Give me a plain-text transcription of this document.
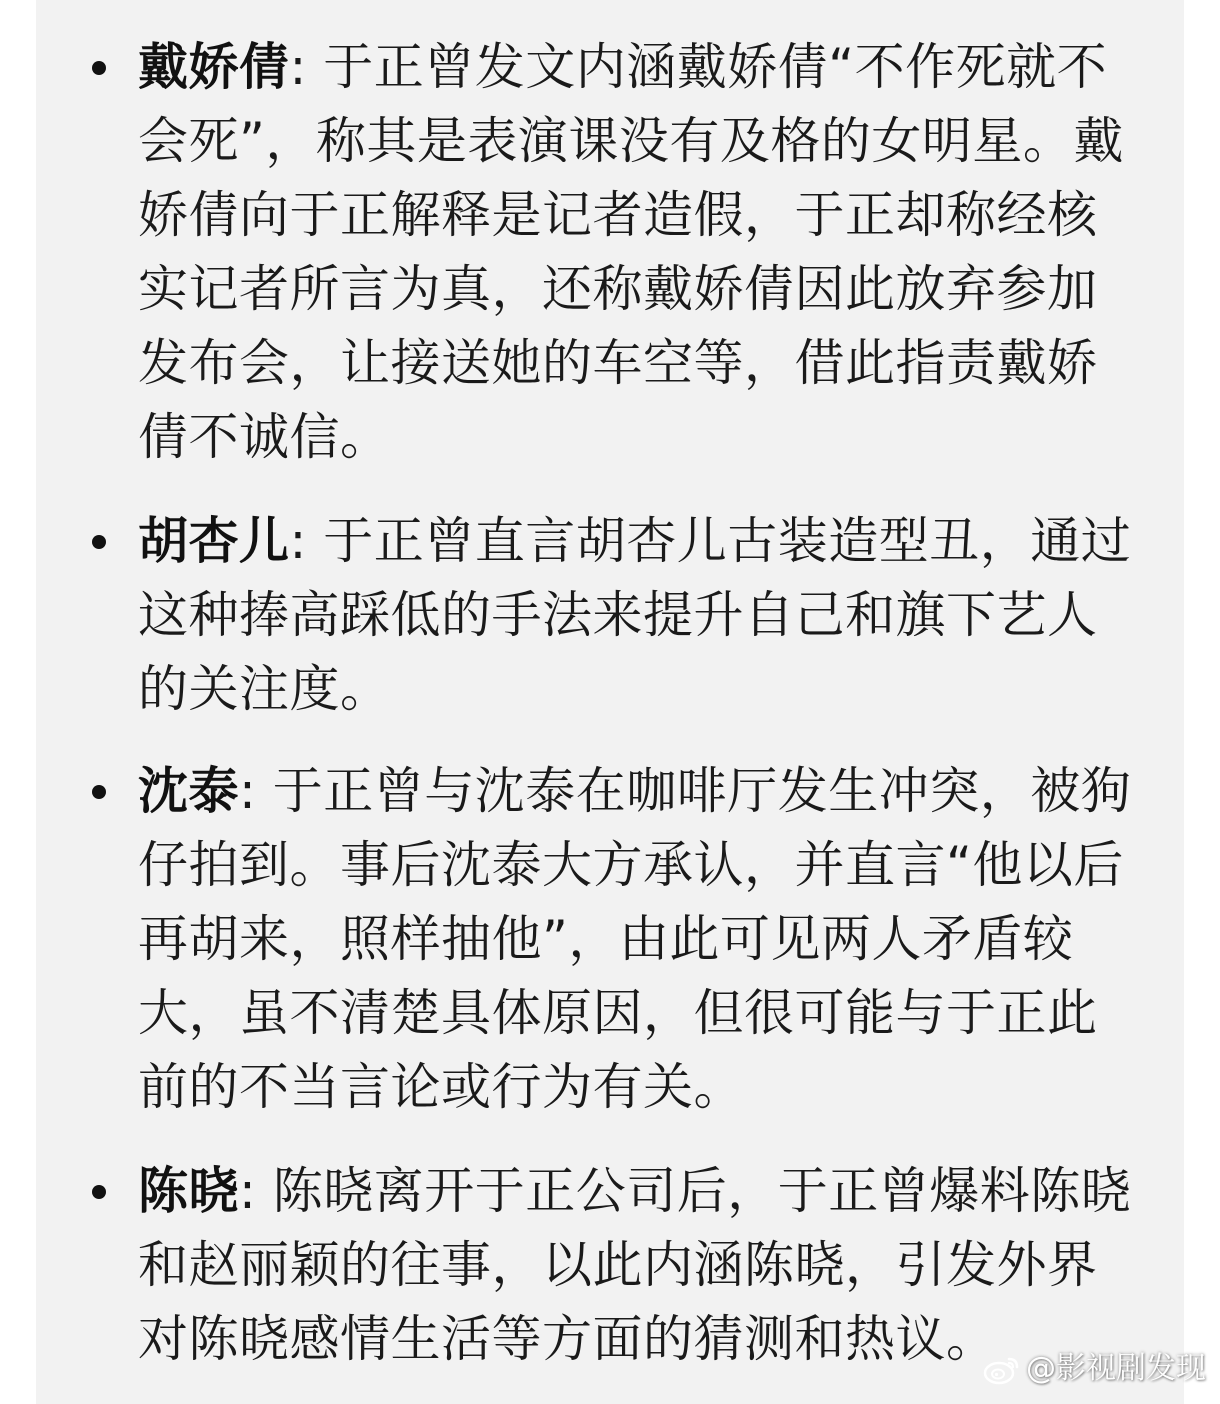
戴娇倩: 于正曾发文内涵戴娇倩“不作死就不会死”，称其是表演课没有及格的女明星。戴娇倩向于正解释是记者造假，于正却称经核实记者所言为真，还称戴娇倩因此放弃参加发布会，让接送她的车空等，借此指责戴娇倩不诚信。

胡杏儿: 于正曾直言胡杏儿古装造型丑，通过这种捧高踩低的手法来提升自己和旗下艺人的关注度。

沈泰: 于正曾与沈泰在咖啡厅发生冲突，被狗仔拍到。事后沈泰大方承认，并直言“他以后再胡来，照样抽他”，由此可见两人矛盾较大，虽不清楚具体原因，但很可能与于正此前的不当言论或行为有关。

陈晓: 陈晓离开于正公司后，于正曾爆料陈晓和赵丽颖的往事，以此内涵陈晓，引发外界对陈晓感情生活等方面的猜测和热议。

@影视剧发现
